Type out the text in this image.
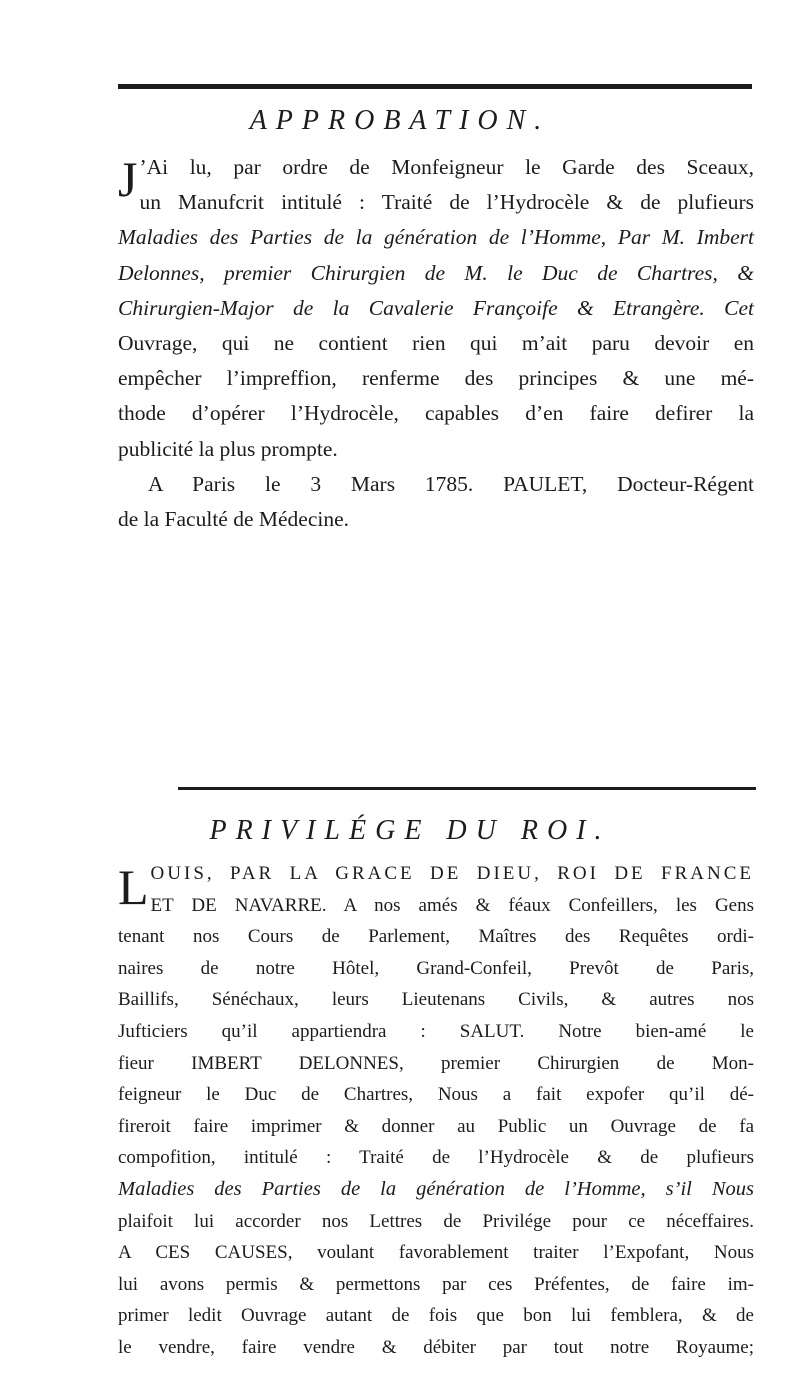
APPROBATION.
J ’Ai lu, par ordre de Monfeigneur le Garde des Sceaux,
un Manufcrit intitulé : Traité de l’Hydrocèle & de plufieurs
Maladies des Parties de la génération de l’Homme, Par M. Imbert
Delonnes, premier Chirurgien de M. le Duc de Chartres, &
Chirurgien-Major de la Cavalerie Françoife & Etrangère. Cet
Ouvrage, qui ne contient rien qui m’ait paru devoir en
empêcher l’impreffion, renferme des principes & une mé-
thode d’opérer l’Hydrocèle, capables d’en faire defirer la
publicité la plus prompte.
A Paris le 3 Mars 1785. PAULET, Docteur-Régent
de la Faculté de Médecine.
PRIVILÉGE DU ROI.
L OUIS, PAR LA GRACE DE DIEU, ROI DE FRANCE
ET DE NAVARRE. A nos amés & féaux Confeillers, les Gens
tenant nos Cours de Parlement, Maîtres des Requêtes ordi-
naires de notre Hôtel, Grand-Confeil, Prevôt de Paris,
Baillifs, Sénéchaux, leurs Lieutenans Civils, & autres nos
Jufticiers qu’il appartiendra : SALUT. Notre bien-amé le
fieur IMBERT DELONNES, premier Chirurgien de Mon-
feigneur le Duc de Chartres, Nous a fait expofer qu’il dé-
fireroit faire imprimer & donner au Public un Ouvrage de fa
compofition, intitulé : Traité de l’Hydrocèle & de plufieurs
Maladies des Parties de la génération de l’Homme, s’il Nous
plaifoit lui accorder nos Lettres de Privilége pour ce néceffaires.
A CES CAUSES, voulant favorablement traiter l’Expofant, Nous
lui avons permis & permettons par ces Préfentes, de faire im-
primer ledit Ouvrage autant de fois que bon lui femblera, & de
le vendre, faire vendre & débiter par tout notre Royaume;
